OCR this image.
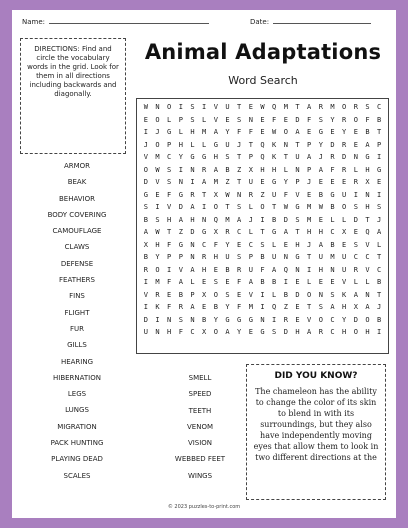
Name:	Date:
DIRECTIONS: Find and circle the vocabulary words in the grid. Look for them in all directions including backwards and diagonally.
Animal Adaptations
Word Search
W	N	O	I	S	I	V	U	T	E	W	Q	M	T	A	R	M	O	R	S	C
E	O	L	P	S	L	V	E	S	N	E	F	E	D	F	S	Y	R	O	F	B
I	J	G	L	H	M	A	Y	F	F	E	W	O	A	E	G	E	Y	E	B	T
J	O	P	H	L	L	G	U	J	T	Q	K	N	T	P	Y	D	R	E	A	P
V	M	C	Y	G	G	H	S	T	P	Q	K	T	U	A	J	R	D	N	G	I
O	W	S	I	N	R	A	B	Z	X	H	H	L	N	P	A	F	R	L	H	G
D	V	S	N	I	A	M	Z	T	U	E	G	Y	P	J	E	E	E	R	X	E
G	E	F	G	R	T	X	W	N	R	Z	U	F	V	E	B	G	U	I	N	I
S	I	V	D	A	I	O	T	S	L	O	T	W	G	M	W	B	O	S	H	S
B	S	H	A	H	N	Q	M	A	J	I	B	D	S	M	E	L	L	D	T	J
A	W	T	Z	D	G	X	R	C	L	T	G	A	T	H	H	C	X	E	Q	A
X	H	F	G	N	C	F	Y	E	C	S	L	E	H	J	A	B	E	S	V	L
B	Y	P	P	N	R	H	U	S	P	B	U	N	G	T	U	M	U	C	C	T
R	O	I	V	A	H	E	B	R	U	F	A	Q	N	I	H	N	U	R	V	C
I	M	F	A	L	E	S	E	F	A	B	B	I	E	L	E	E	V	L	L	B
V	R	E	B	P	X	O	S	E	V	I	L	B	D	O	N	S	K	A	N	T
I	K	F	R	A	E	B	Y	F	M	I	Q	Z	E	T	S	A	H	X	A	J
D	I	N	S	N	B	Y	G	G	G	N	I	R	E	V	O	C	Y	D	O	B
U	N	H	F	C	X	O	A	Y	E	G	S	D	H	A	R	C	H	O	H	I
ARMOR
BEAK
BEHAVIOR
BODY COVERING
CAMOUFLAGE
CLAWS
DEFENSE
FEATHERS
FINS
FLIGHT
FUR
GILLS
HEARING
HIBERNATION
LEGS
LUNGS
MIGRATION
PACK HUNTING
PLAYING DEAD
SCALES
SMELL
SPEED
TEETH
VENOM
VISION
WEBBED FEET
WINGS
DID YOU KNOW?
The chameleon has the ability to change the color of its skin to blend in with its surroundings, but they also have independently moving eyes that allow them to look in two different directions at the
© 2023 puzzles-to-print.com
